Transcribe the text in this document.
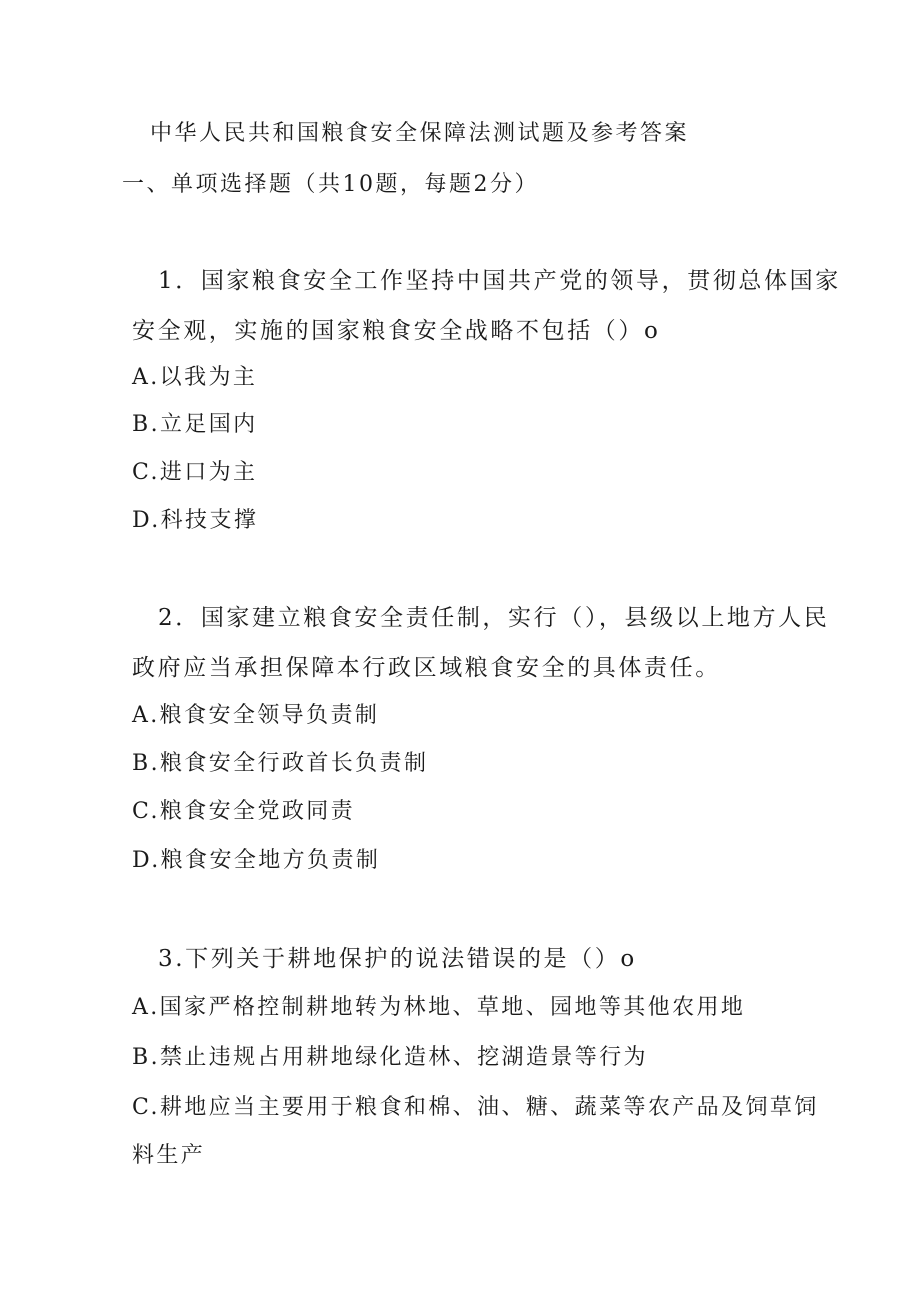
中华人民共和国粮食安全保障法测试题及参考答案
一、单项选择题（共10题，每题2分）
1．国家粮食安全工作坚持中国共产党的领导，贯彻总体国家
安全观，实施的国家粮食安全战略不包括（）o
A.以我为主
B.立足国内
C.进口为主
D.科技支撑
2．国家建立粮食安全责任制，实行（），县级以上地方人民
政府应当承担保障本行政区域粮食安全的具体责任。
A.粮食安全领导负责制
B.粮食安全行政首长负责制
C.粮食安全党政同责
D.粮食安全地方负责制
3.下列关于耕地保护的说法错误的是（）o
A.国家严格控制耕地转为林地、草地、园地等其他农用地
B.禁止违规占用耕地绿化造林、挖湖造景等行为
C.耕地应当主要用于粮食和棉、油、糖、蔬菜等农产品及饲草饲
料生产
